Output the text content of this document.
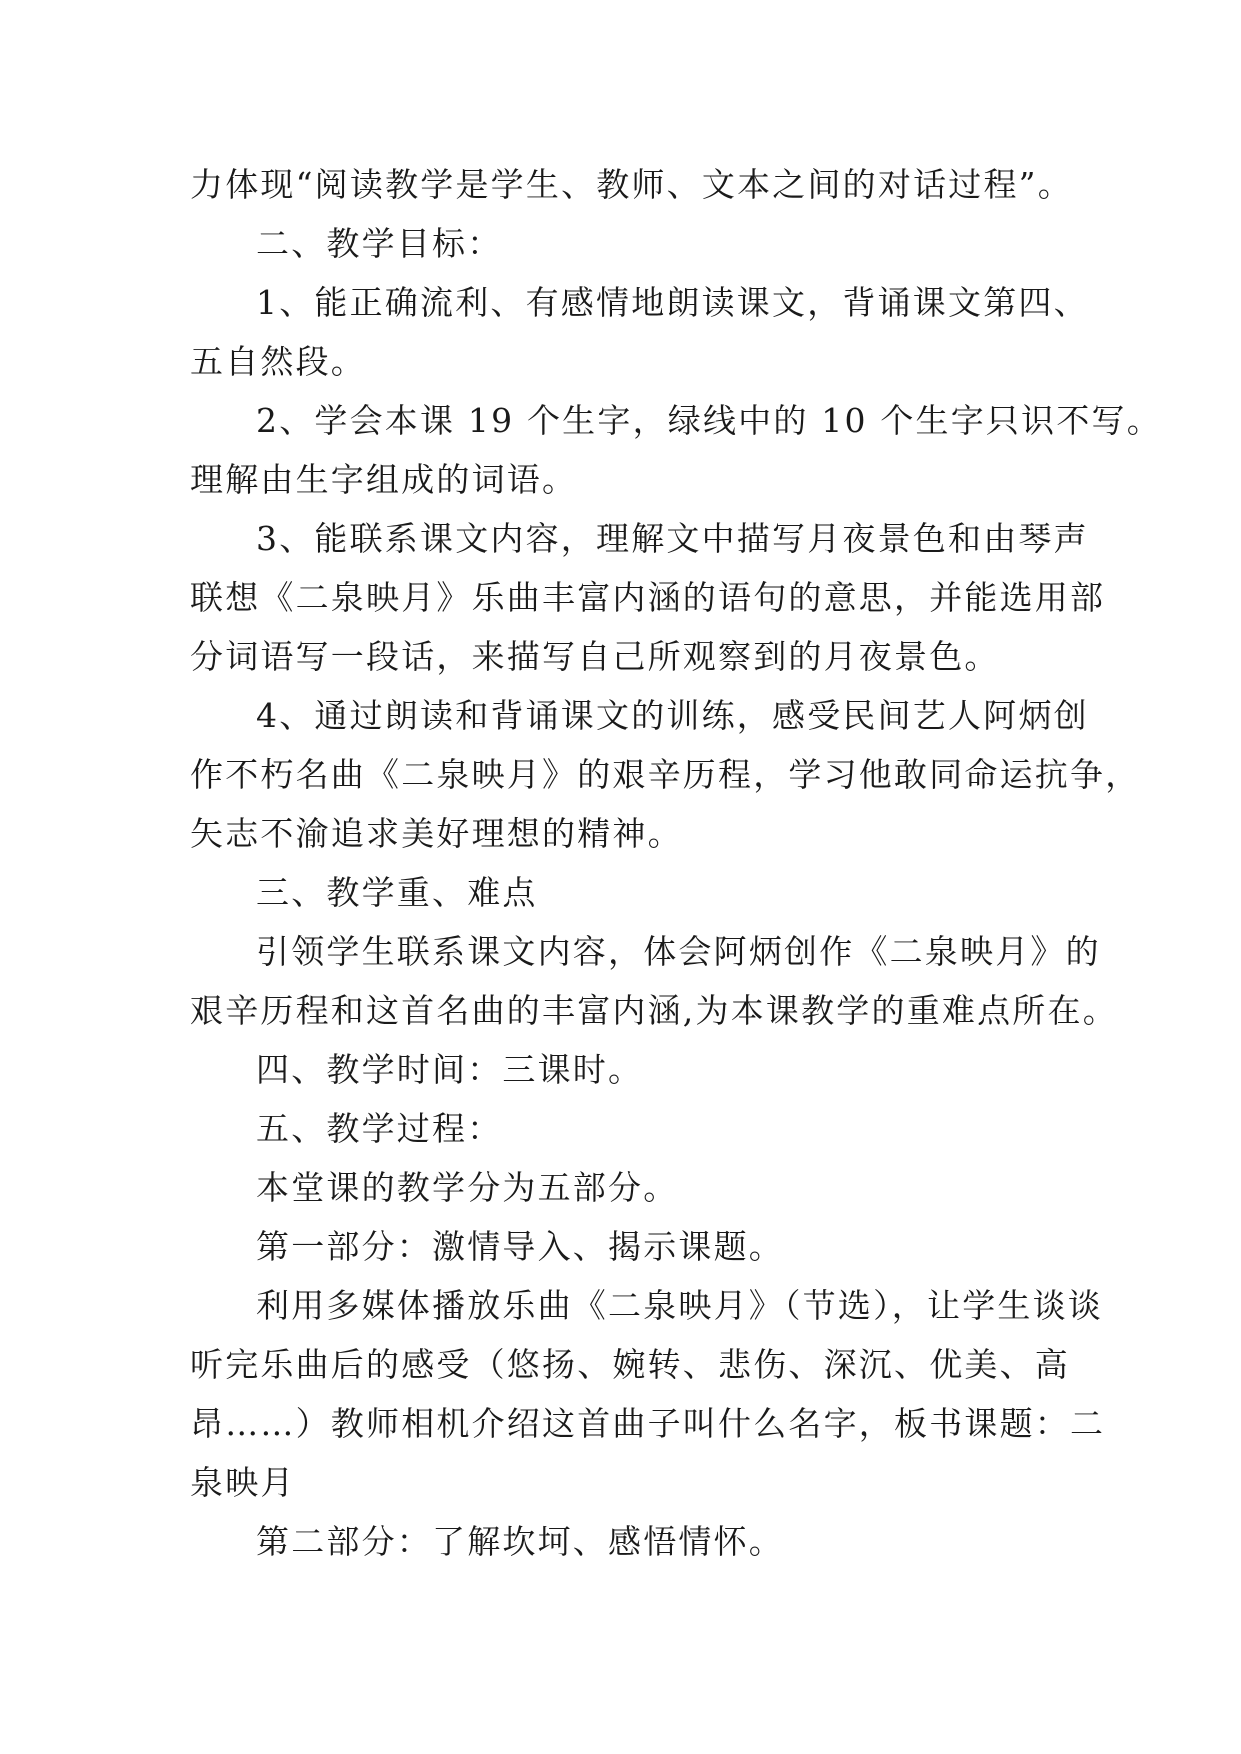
力体现“阅读教学是学生、教师、文本之间的对话过程”。
二、教学目标：
1、能正确流利、有感情地朗读课文，背诵课文第四、
五自然段。
2、学会本课 19 个生字，绿线中的 10 个生字只识不写。
理解由生字组成的词语。
3、能联系课文内容，理解文中描写月夜景色和由琴声
联想《二泉映月》乐曲丰富内涵的语句的意思，并能选用部
分词语写一段话，来描写自己所观察到的月夜景色。
4、通过朗读和背诵课文的训练，感受民间艺人阿炳创
作不朽名曲《二泉映月》的艰辛历程，学习他敢同命运抗争，
矢志不渝追求美好理想的精神。
三、教学重、难点
引领学生联系课文内容，体会阿炳创作《二泉映月》的
艰辛历程和这首名曲的丰富内涵,为本课教学的重难点所在。
四、教学时间：三课时。
五、教学过程：
本堂课的教学分为五部分。
第一部分：激情导入、揭示课题。
利用多媒体播放乐曲《二泉映月》（节选），让学生谈谈
听完乐曲后的感受（悠扬、婉转、悲伤、深沉、优美、高
昂……）教师相机介绍这首曲子叫什么名字，板书课题：二
泉映月
第二部分：了解坎坷、感悟情怀。
